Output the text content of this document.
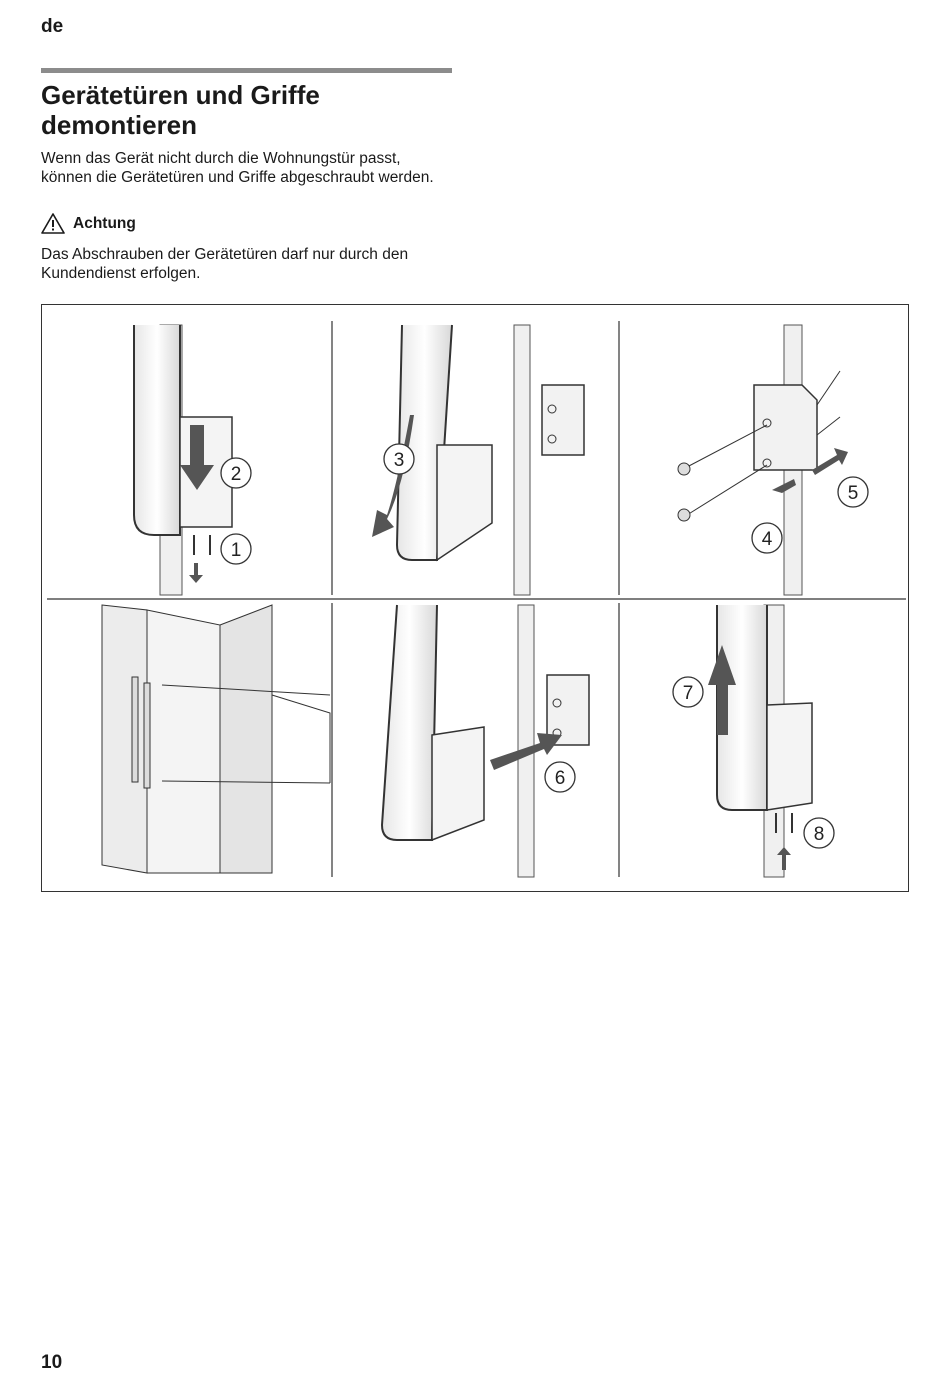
de
Gerätetüren und Griffe
demontieren

Wenn das Gerät nicht durch die Wohnungstür passt, können die Gerätetüren und Griffe abgeschraubt werden.

Achtung

Das Abschrauben der Gerätetüren darf nur durch den Kundendienst erfolgen.

2
1
3
5
4
7
6
8
10
